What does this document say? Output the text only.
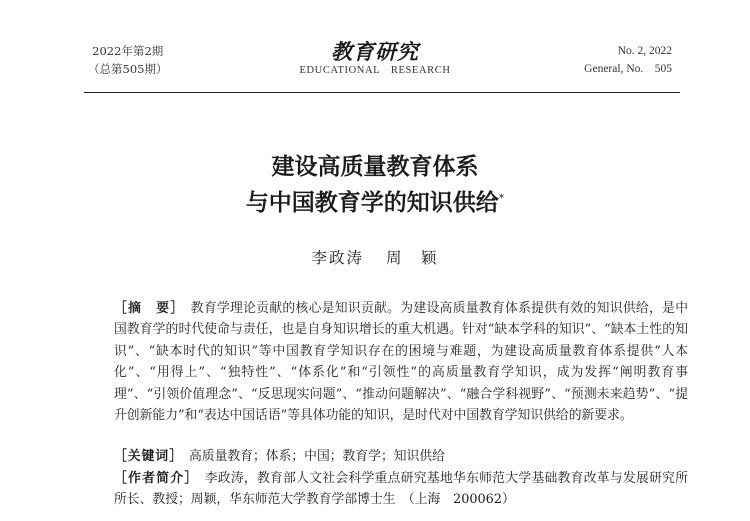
2022年第2期
（总第505期）
教育研究
EDUCATIONAL　RESEARCH
No. 2, 2022
General, No.　505
建设高质量教育体系
与中国教育学的知识供给*
李政涛 周　颖

［摘　要］ 教育学理论贡献的核心是知识贡献。为建设高质量教育体系提供有效的知识供给，是中国教育学的时代使命与责任，也是自身知识增长的重大机遇。针对“缺本学科的知识”、“缺本土性的知识”、“缺本时代的知识”等中国教育学知识存在的困境与难题，为建设高质量教育体系提供“人本化”、“用得上”、“独特性”、“体系化”和“引领性”的高质量教育学知识，成为发挥“阐明教育事理”、“引领价值理念”、“反思现实问题”、“推动问题解决”、“融合学科视野”、“预测未来趋势”、“提升创新能力”和“表达中国话语”等具体功能的知识，是时代对中国教育学知识供给的新要求。

［关键词］ 高质量教育；体系；中国；教育学；知识供给

［作者简介］ 李政涛，教育部人文社会科学重点研究基地华东师范大学基础教育改革与发展研究所所长、教授；周颖，华东师范大学教育学部博士生　（上海　200062）
